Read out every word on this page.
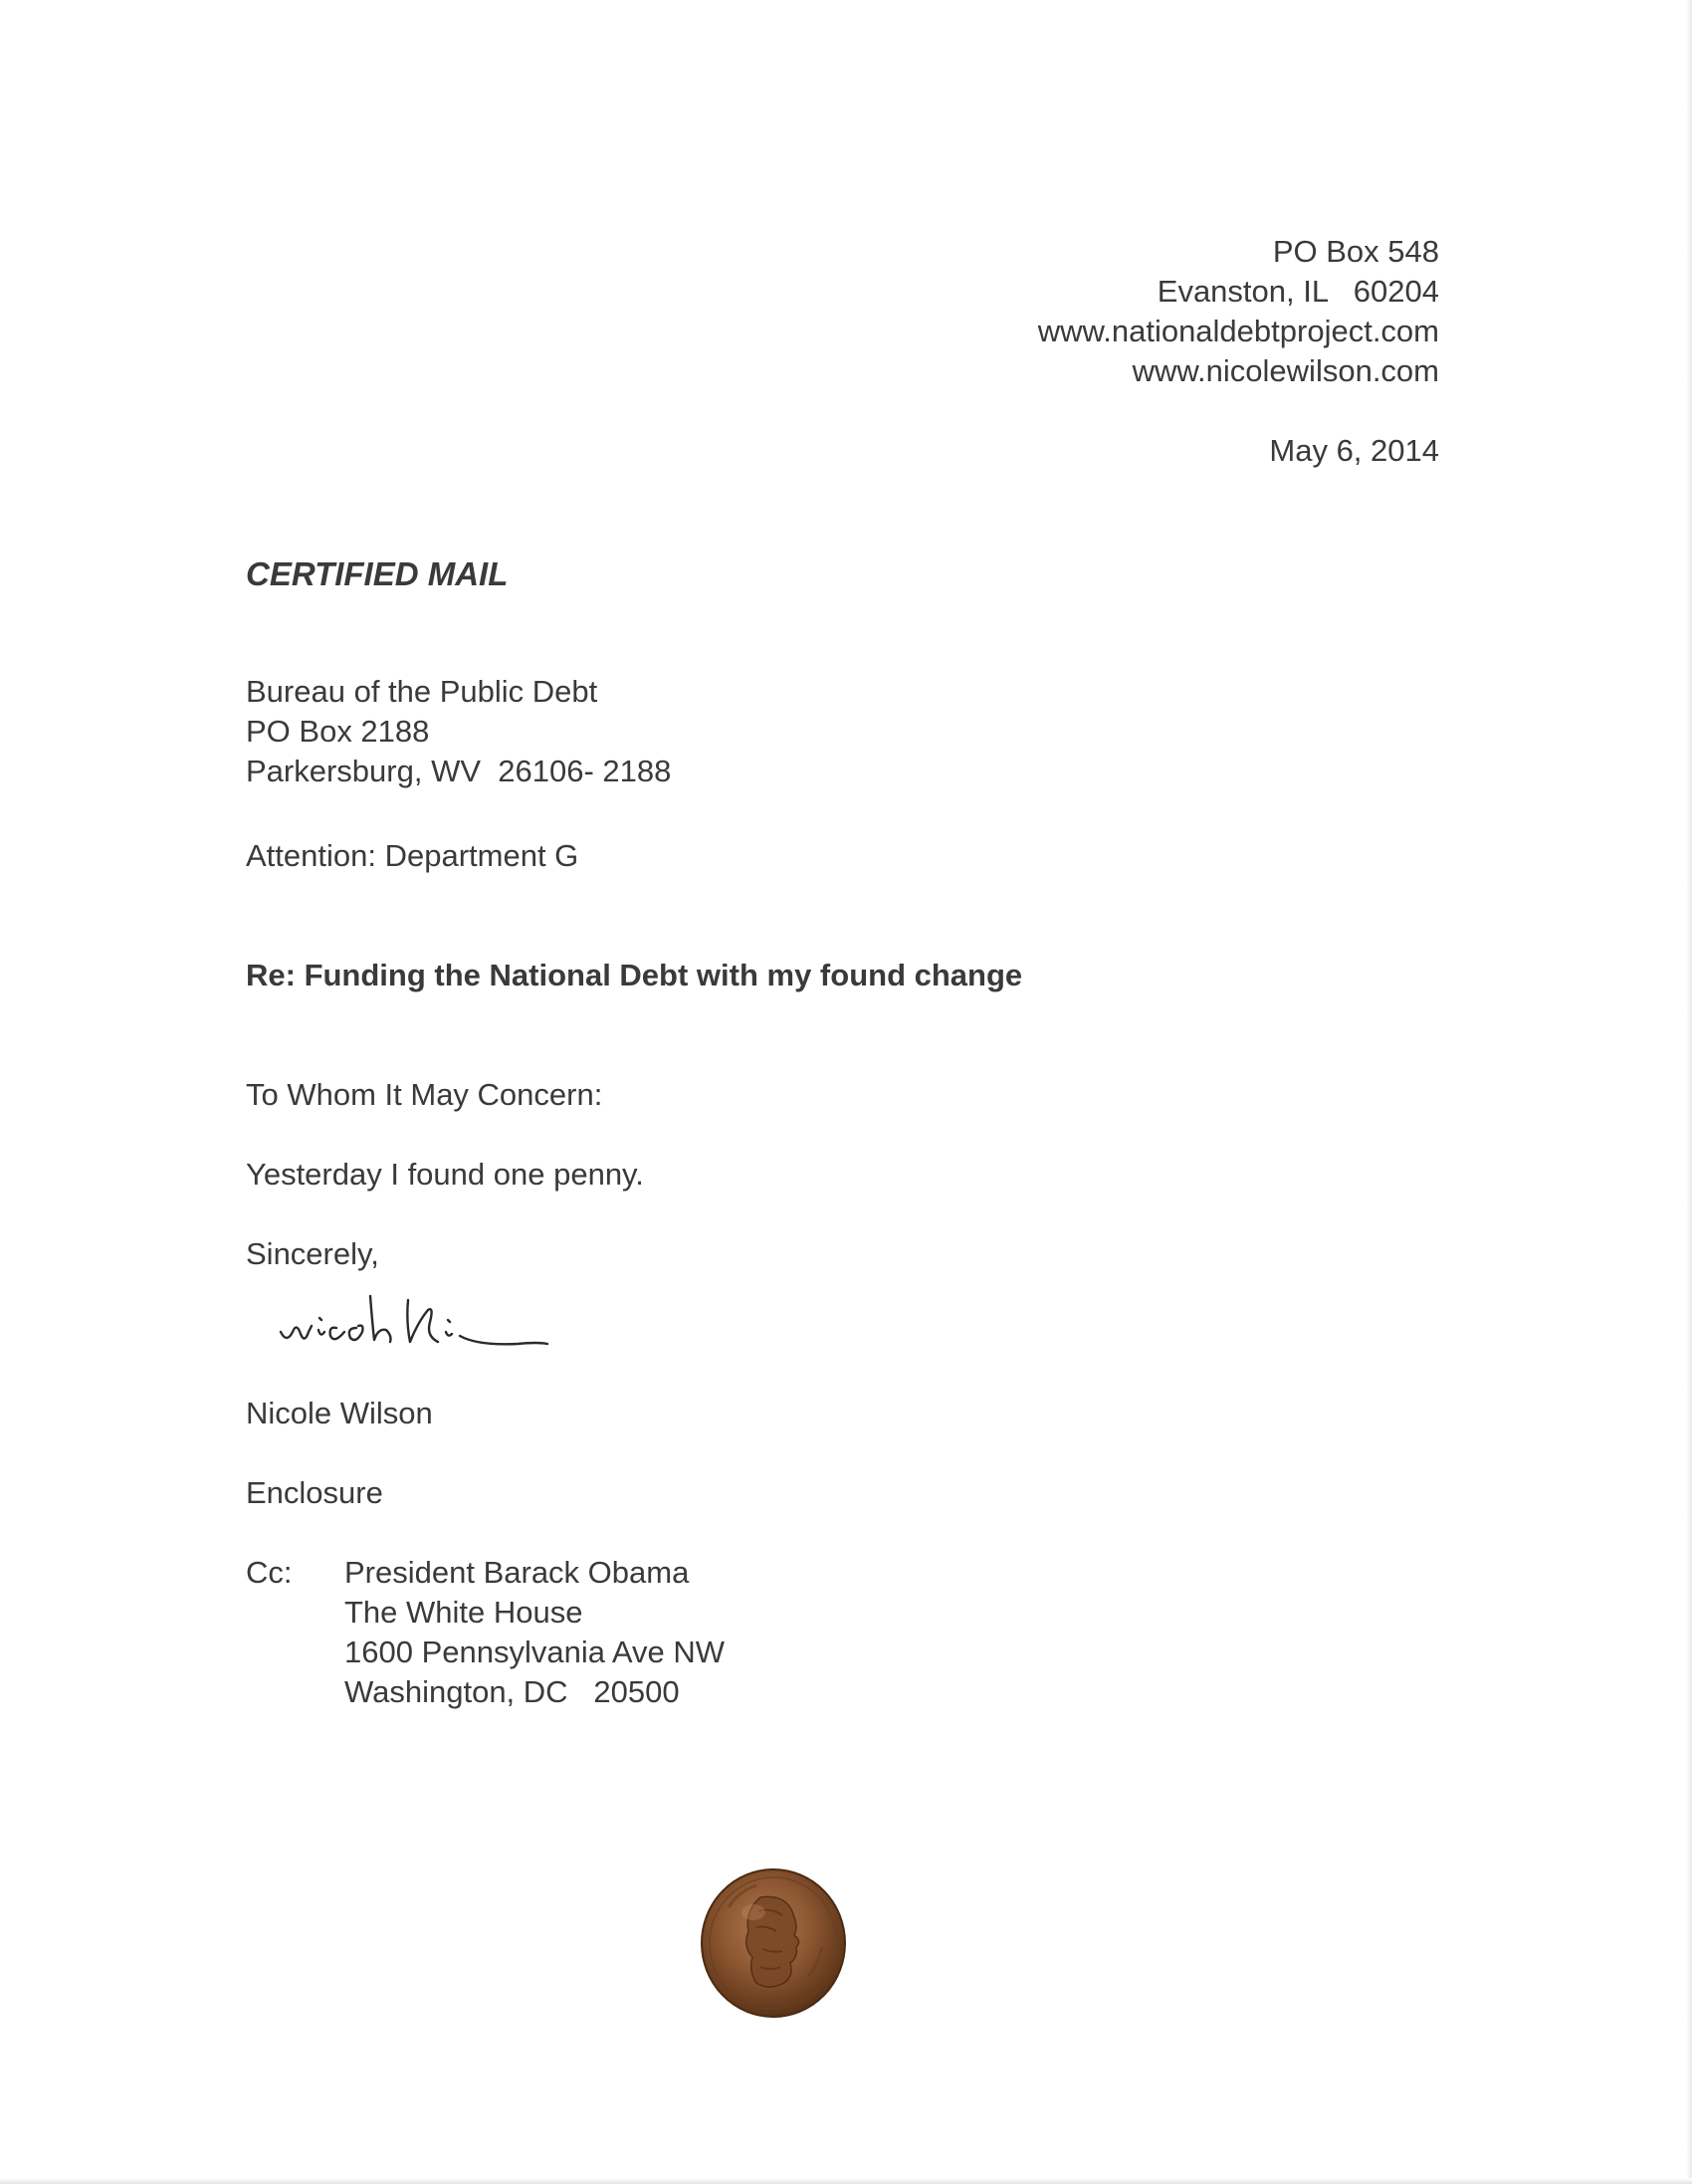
PO Box 548
Evanston, IL   60204
www.nationaldebtproject.com
www.nicolewilson.com
May 6, 2014
CERTIFIED MAIL
Bureau of the Public Debt
PO Box 2188
Parkersburg, WV  26106- 2188
Attention: Department G
Re: Funding the National Debt with my found change
To Whom It May Concern:
Yesterday I found one penny.
Sincerely,
Nicole Wilson
Enclosure
Cc: President Barack Obama
The White House
1600 Pennsylvania Ave NW
Washington, DC   20500
